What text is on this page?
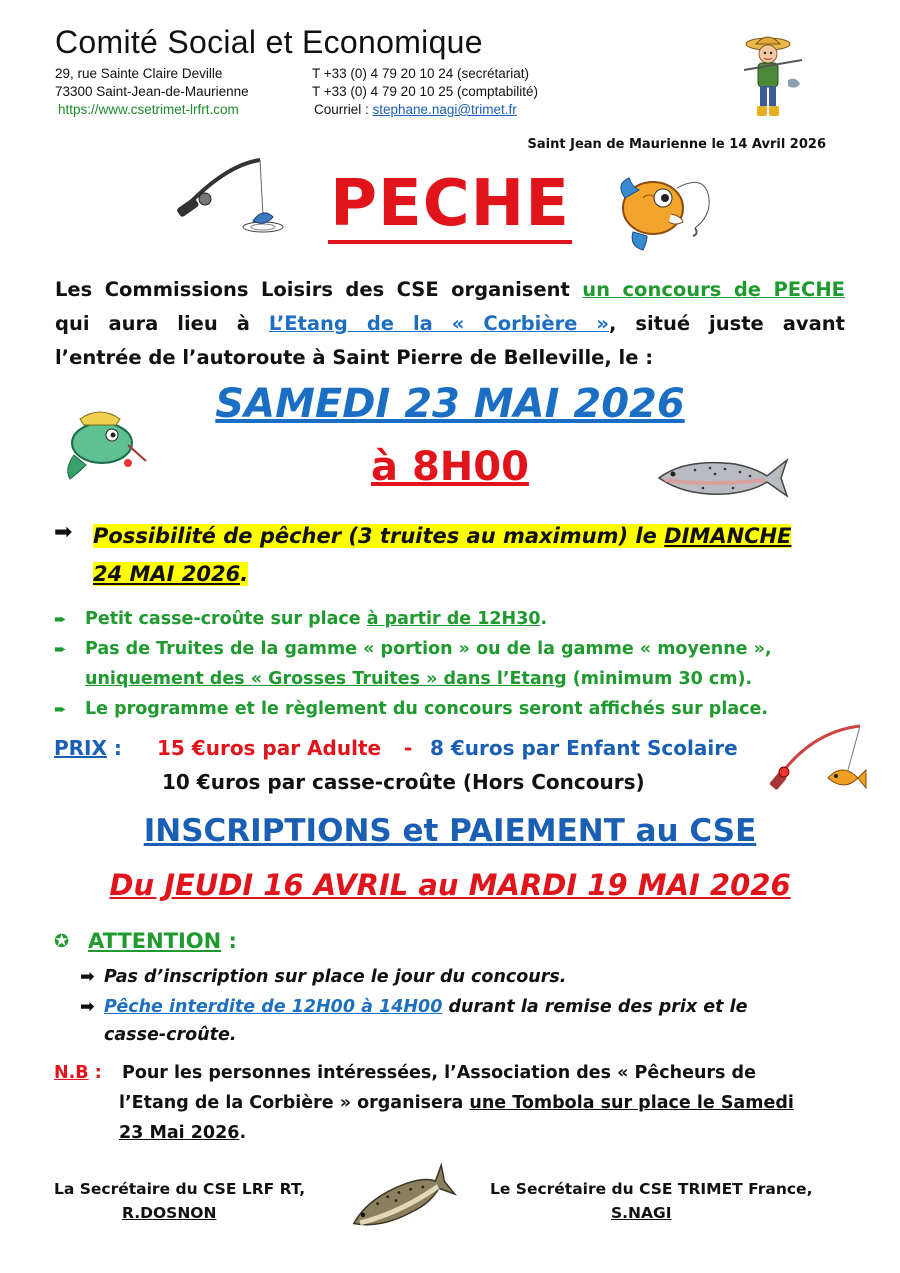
Comité Social et Economique
29, rue Sainte Claire Deville
73300 Saint-Jean-de-Maurienne
https://www.csetrimet-lrfrt.com
T +33 (0) 4 79 20 10 24 (secrétariat)
T +33 (0) 4 79 20 10 25 (comptabilité)
Courriel : stephane.nagi@trimet.fr
Saint Jean de Maurienne le 14 Avril 2026
PECHE
Les Commissions Loisirs des CSE organisent un concours de PECHE
qui aura lieu à L’Etang de la « Corbière », situé juste avant
l’entrée de l’autoroute à Saint Pierre de Belleville, le :
SAMEDI 23 MAI 2026
à 8H00
➡ Possibilité de pêcher (3 truites au maximum) le DIMANCHE
24 MAI 2026.
➨ Petit casse-croûte sur place à partir de 12H30.
➨ Pas de Truites de la gamme « portion » ou de la gamme « moyenne »,
uniquement des « Grosses Truites » dans l’Etang (minimum 30 cm).
➨ Le programme et le règlement du concours seront affichés sur place.
PRIX : 15 €uros par Adulte - 8 €uros par Enfant Scolaire
10 €uros par casse-croûte (Hors Concours)
INSCRIPTIONS et PAIEMENT au CSE
Du JEUDI 16 AVRIL au MARDI 19 MAI 2026
✪ ATTENTION :
➡ Pas d’inscription sur place le jour du concours.
➡ Pêche interdite de 12H00 à 14H00 durant la remise des prix et le
casse-croûte.
N.B : Pour les personnes intéressées, l’Association des « Pêcheurs de
l’Etang de la Corbière » organisera une Tombola sur place le Samedi
23 Mai 2026.
La Secrétaire du CSE LRF RT,
R.DOSNON
Le Secrétaire du CSE TRIMET France,
S.NAGI
